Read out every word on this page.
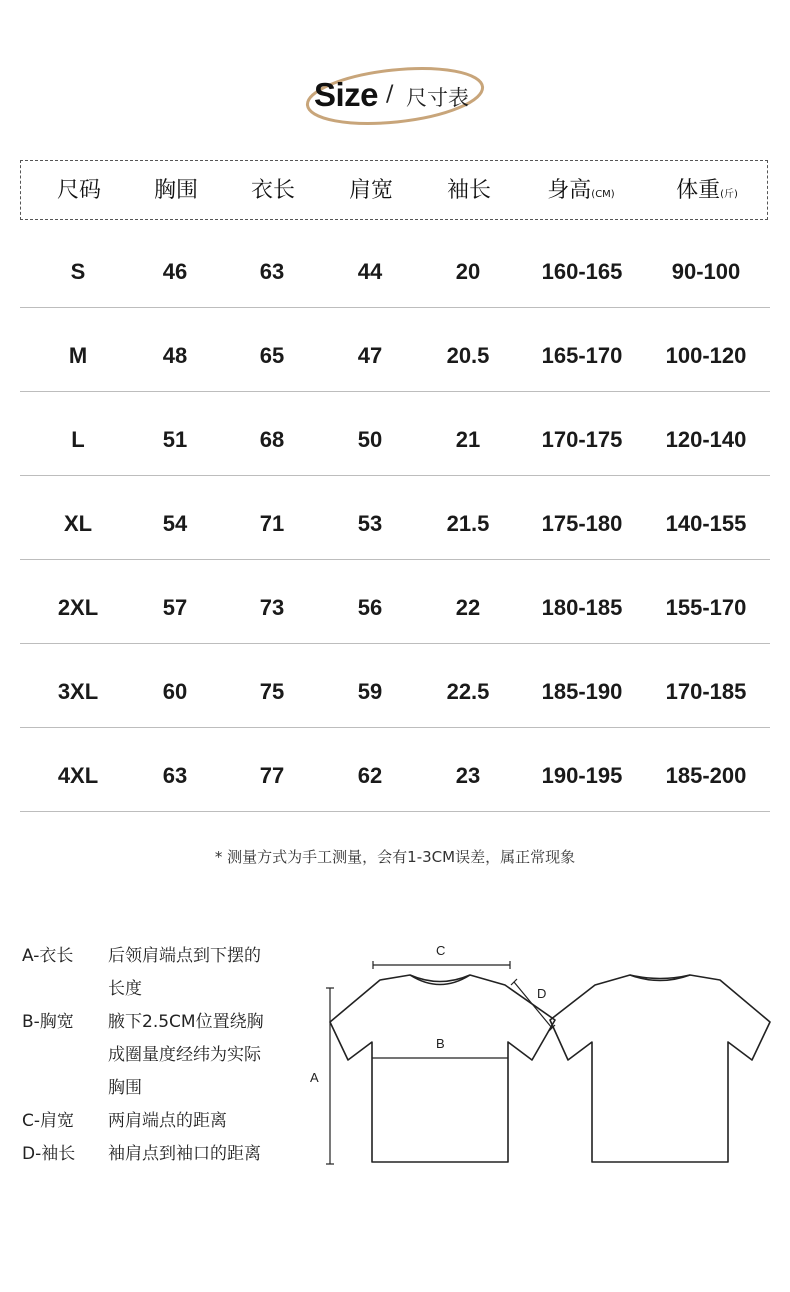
Size / 尺寸表
尺码	胸围	衣长	肩宽	袖长	身高(CM)	体重(斤)
S	46	63	44	20	160-165	90-100
M	48	65	47	20.5	165-170	100-120
L	51	68	50	21	170-175	120-140
XL	54	71	53	21.5	175-180	140-155
2XL	57	73	56	22	180-185	155-170
3XL	60	75	59	22.5	185-190	170-185
4XL	63	77	62	23	190-195	185-200
* 测量方式为手工测量，会有1-3CM误差，属正常现象
A-衣长 后领肩端点到下摆的
长度
B-胸宽 腋下2.5CM位置绕胸
成圈量度经纬为实际
胸围
C-肩宽 两肩端点的距离
D-袖长 袖肩点到袖口的距离
C
D
B
A
